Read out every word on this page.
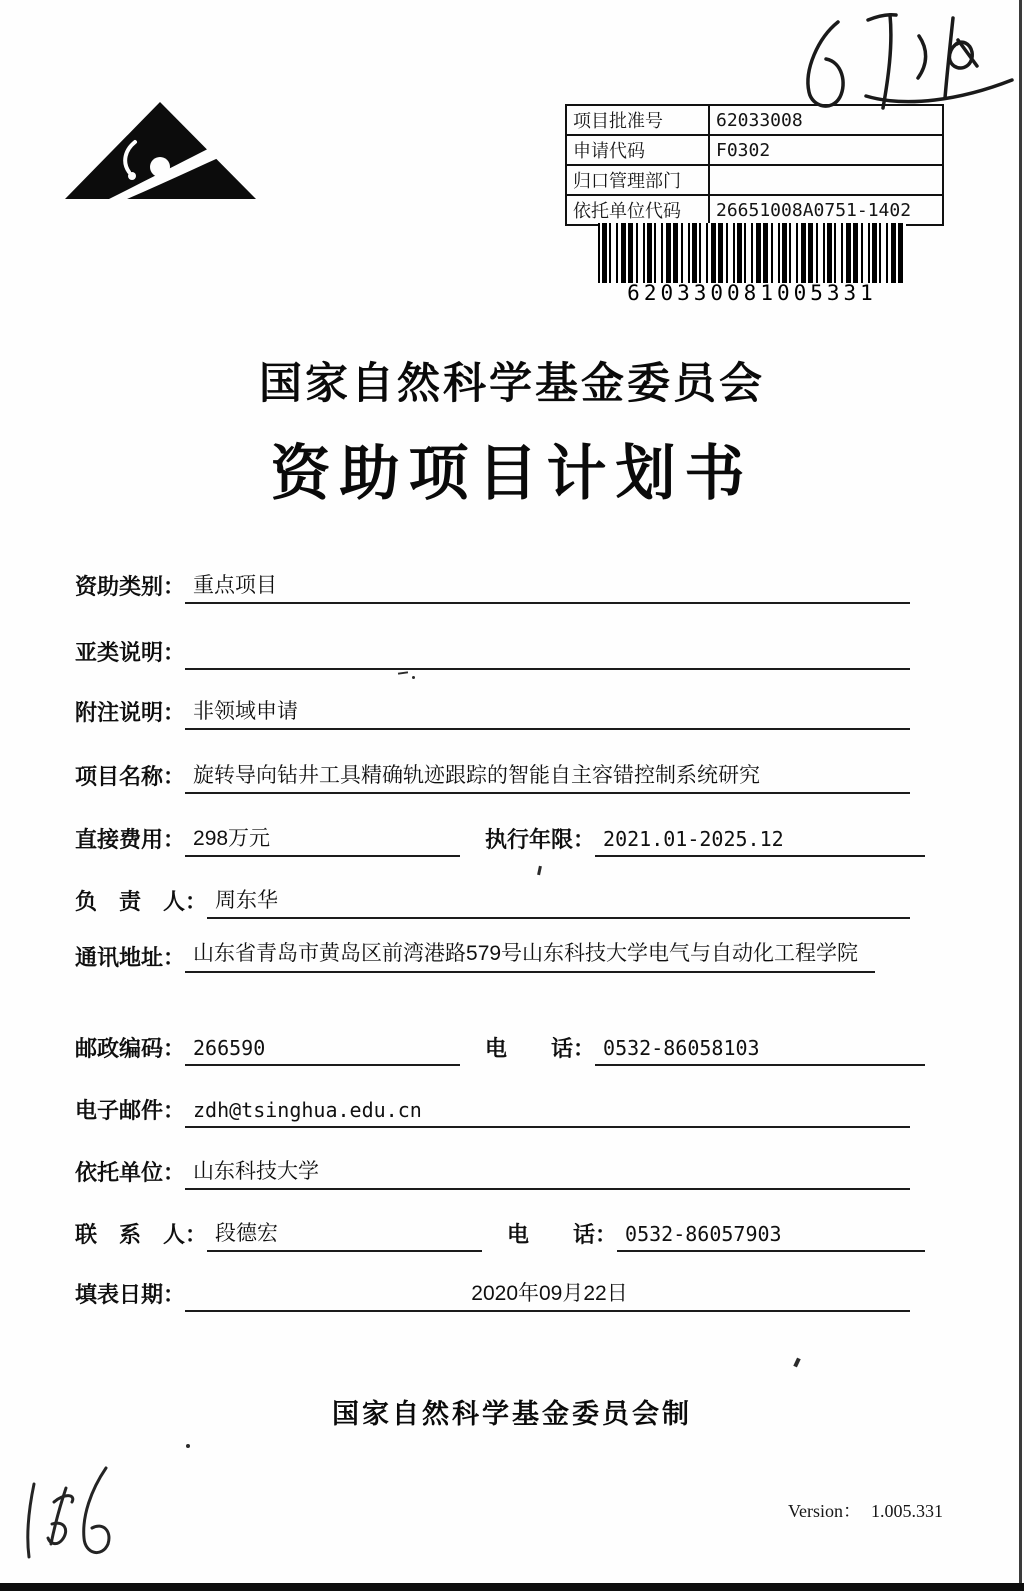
项目批准号	62033008
申请代码	F0302
归口管理部门	
依托单位代码	26651008A0751-1402
620330081005331
国家自然科学基金委员会
资助项目计划书
资助类别： 重点项目
亚类说明：
附注说明： 非领域申请
项目名称： 旋转导向钻井工具精确轨迹跟踪的智能自主容错控制系统研究
直接费用： 298万元	执行年限： 2021.01-2025.12
负　责　人： 周东华
通讯地址： 山东省青岛市黄岛区前湾港路579号山东科技大学电气与自动化工程学院
邮政编码： 266590	电　　话： 0532-86058103
电子邮件： zdh@tsinghua.edu.cn
依托单位： 山东科技大学
联　系　人： 段德宏	电　　话： 0532-86057903
填表日期：	2020年09月22日
国家自然科学基金委员会制
Version： 1.005.331
